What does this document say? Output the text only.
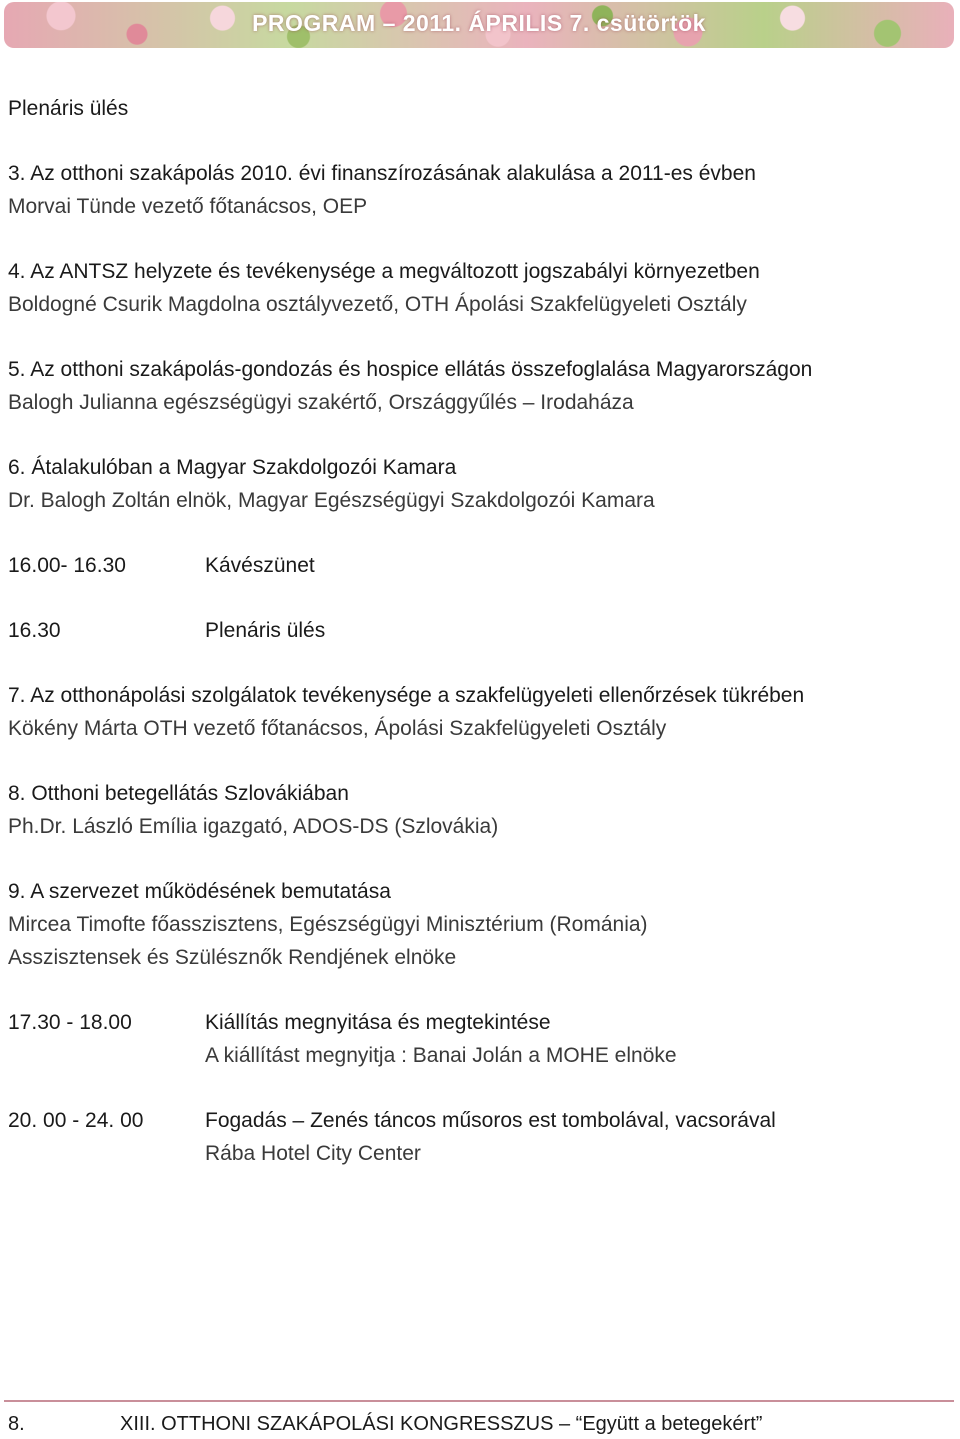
PROGRAM – 2011. ÁPRILIS 7. csütörtök
Plenáris ülés
3. Az otthoni szakápolás 2010. évi finanszírozásának alakulása a 2011-es évben
Morvai Tünde vezető főtanácsos, OEP
4. Az ANTSZ helyzete és tevékenysége a megváltozott jogszabályi környezetben
Boldogné Csurik Magdolna osztályvezető, OTH Ápolási Szakfelügyeleti Osztály
5. Az otthoni szakápolás-gondozás és hospice ellátás összefoglalása Magyarországon
Balogh Julianna egészségügyi szakértő, Országgyűlés – Irodaháza
6. Átalakulóban a Magyar Szakdolgozói Kamara
Dr. Balogh Zoltán elnök, Magyar Egészségügyi Szakdolgozói Kamara
16.00- 16.30	Kávészünet
16.30	Plenáris ülés
7. Az otthonápolási szolgálatok tevékenysége a szakfelügyeleti ellenőrzések tükrében
Kökény Márta OTH vezető főtanácsos, Ápolási Szakfelügyeleti Osztály
8. Otthoni betegellátás Szlovákiában
Ph.Dr. László Emília igazgató, ADOS-DS (Szlovákia)
9. A szervezet működésének bemutatása
Mircea Timofte főasszisztens, Egészségügyi Minisztérium (Románia)
Asszisztensek és Szülésznők Rendjének elnöke
17.30 - 18.00	Kiállítás megnyitása és megtekintése
A kiállítást megnyitja : Banai Jolán a MOHE elnöke
20. 00 - 24. 00	Fogadás – Zenés táncos műsoros est tombolával, vacsorával
Rába Hotel City Center
8.	XIII. OTTHONI SZAKÁPOLÁSI KONGRESSZUS – “Együtt a betegekért”
